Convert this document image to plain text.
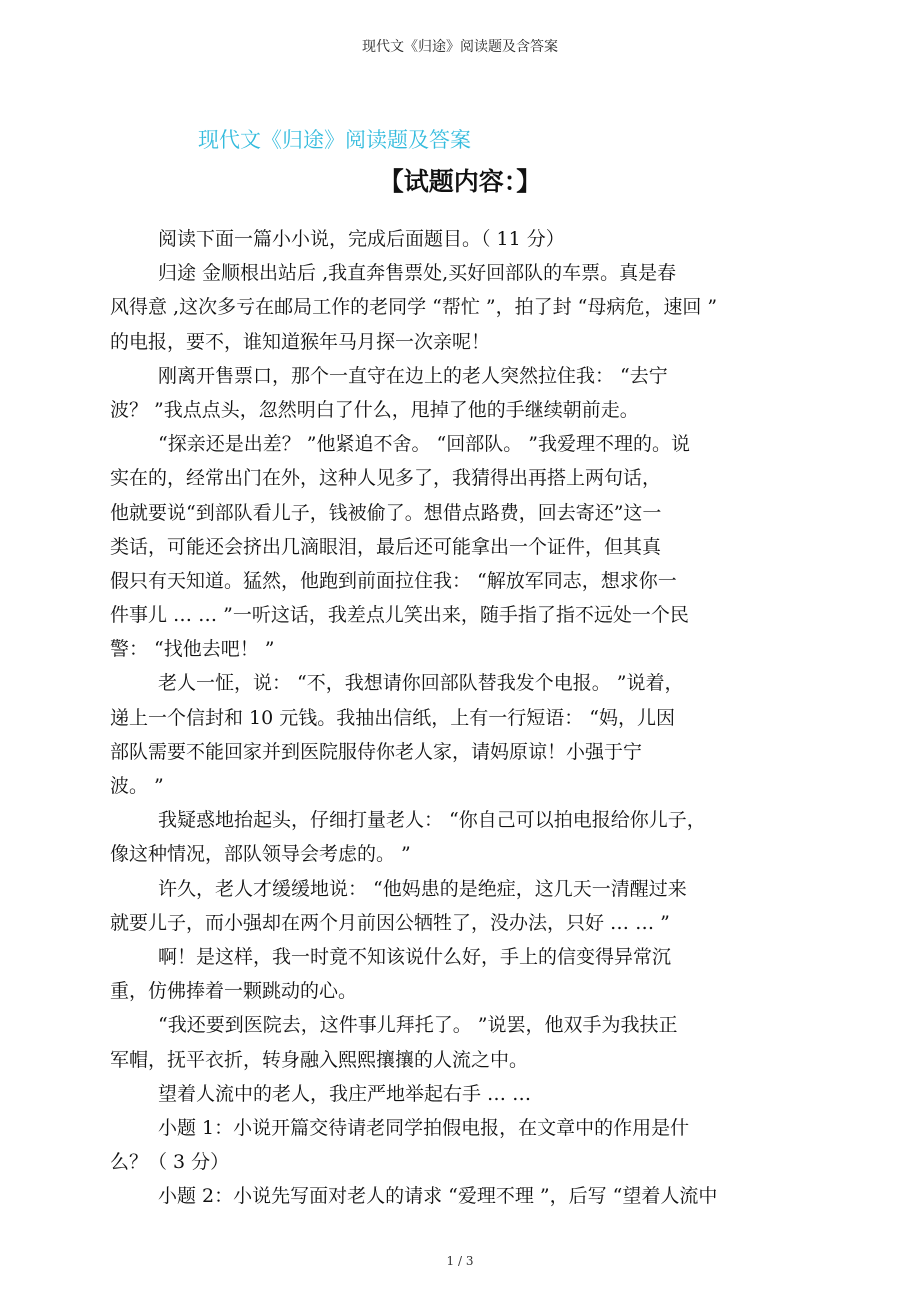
现代文《归途》阅读题及含答案
现代文《归途》阅读题及答案
【试题内容：】
阅读下面一篇小小说，完成后面题目。（ 11 分）
归途 金顺根出站后 ,我直奔售票处,买好回部队的车票。真是春
风得意 ,这次多亏在邮局工作的老同学 “帮忙 ”，拍了封 “母病危，速回 ”
的电报，要不，谁知道猴年马月探一次亲呢！
刚离开售票口，那个一直守在边上的老人突然拉住我： “去宁
波？ ”我点点头，忽然明白了什么，甩掉了他的手继续朝前走。
“探亲还是出差？ ”他紧追不舍。 “回部队。 ”我爱理不理的。说
实在的，经常出门在外，这种人见多了，我猜得出再搭上两句话，
他就要说“到部队看儿子，钱被偷了。想借点路费，回去寄还”这一
类话，可能还会挤出几滴眼泪，最后还可能拿出一个证件，但其真
假只有天知道。猛然，他跑到前面拉住我： “解放军同志，想求你一
件事儿 … … ”一听这话，我差点儿笑出来，随手指了指不远处一个民
警： “找他去吧！ ”
老人一怔，说： “不，我想请你回部队替我发个电报。 ”说着，
递上一个信封和 10 元钱。我抽出信纸，上有一行短语： “妈，儿因
部队需要不能回家并到医院服侍你老人家，请妈原谅！小强于宁
波。 ”
我疑惑地抬起头，仔细打量老人： “你自己可以拍电报给你儿子，
像这种情况，部队领导会考虑的。 ”
许久，老人才缓缓地说： “他妈患的是绝症，这几天一清醒过来
就要儿子，而小强却在两个月前因公牺牲了，没办法，只好 … … ”
啊！是这样，我一时竟不知该说什么好，手上的信变得异常沉
重，仿佛捧着一颗跳动的心。
“我还要到医院去，这件事儿拜托了。 ”说罢，他双手为我扶正
军帽，抚平衣折，转身融入熙熙攘攘的人流之中。
望着人流中的老人，我庄严地举起右手 … …
小题 1：小说开篇交待请老同学拍假电报，在文章中的作用是什
么？（ 3 分）
小题 2：小说先写面对老人的请求 “爱理不理 ”，后写 “望着人流中
1 / 3
